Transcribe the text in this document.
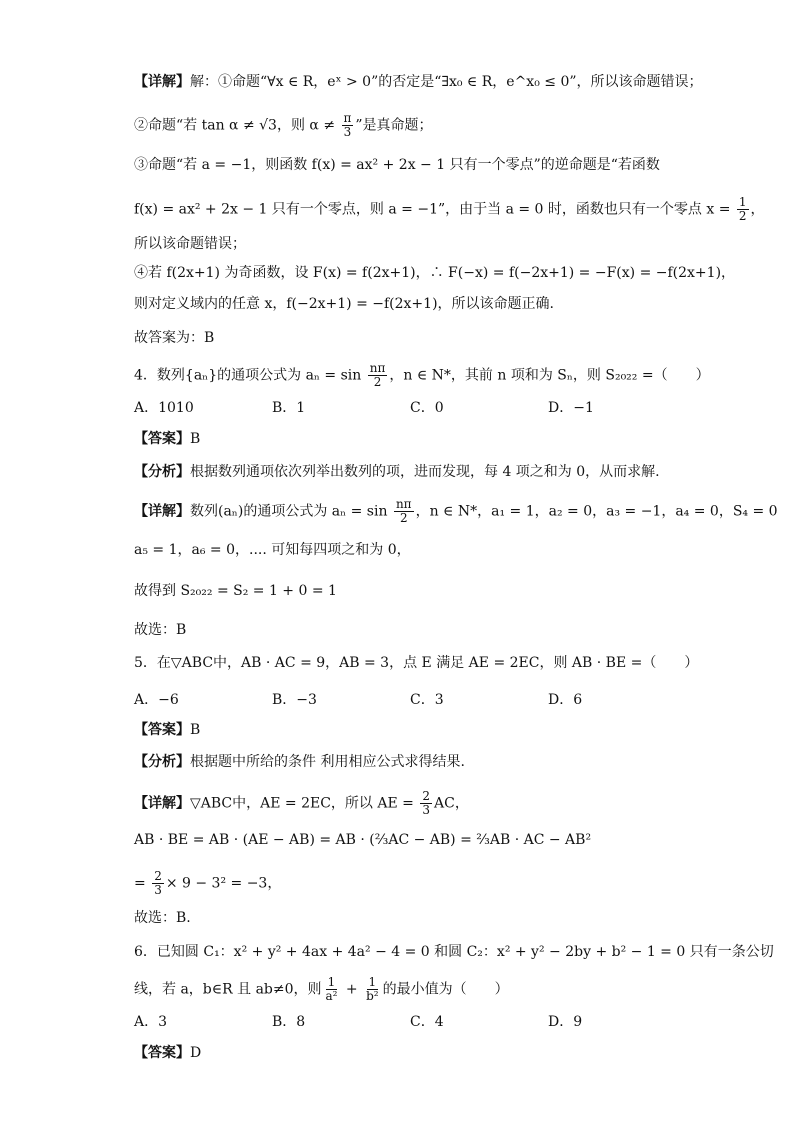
【详解】解：①命题“∀x ∈ R，eˣ > 0”的否定是“∃x₀ ∈ R，e^x₀ ≤ 0”，所以该命题错误；
②命题“若 tan α ≠ √3，则 $\alpha \ne \frac{\pi}{3}$ ”是真命题；
③命题“若 a = −1，则函数 f(x) = ax² + 2x − 1 只有一个零点”的逆命题是“若函数
f(x) = ax² + 2x − 1 只有一个零点，则 a = −1”，由于当 a = 0 时，函数也只有一个零点 $x = \frac{1}{2}$ ，
所以该命题错误；
④若 f(2x+1) 为奇函数，设 F(x) = f(2x+1)，∴ F(−x) = f(−2x+1) = −F(x) = −f(2x+1)，
则对定义域内的任意 x，f(−2x+1) = −f(2x+1)，所以该命题正确.
故答案为：B
4．数列{aₙ}的通项公式为 $a_n = \sin \frac{n\pi}{2}$ ，n ∈ N*，其前 n 项和为 Sₙ，则 S₂₀₂₂ =（　　）
A．1010	B．1	C．0	D．−1
【答案】B
【分析】根据数列通项依次列举出数列的项，进而发现，每 4 项之和为 0，从而求解.
【详解】数列(aₙ)的通项公式为 $a_n = \sin \frac{n\pi}{2}$ ，n ∈ N*，a₁ = 1，a₂ = 0，a₃ = −1，a₄ = 0，S₄ = 0
a₅ = 1，a₆ = 0，.... 可知每四项之和为 0，
故得到 S₂₀₂₂ = S₂ = 1 + 0 = 1
故选：B
5．在▽ABC中，AB · AC = 9，AB = 3，点 E 满足 AE = 2EC，则 AB · BE =（　　）
A．−6	B．−3	C．3	D．6
【答案】B
【分析】根据题中所给的条件 利用相应公式求得结果.
【详解】▽ABC中，AE = 2EC，所以 AE = $\frac{2}{3}$ AC，
AB · BE = AB · (AE − AB) = AB · (⅔AC − AB) = ⅔AB · AC − AB²
= $\frac{2}{3} \times 9 - 3^2 = -3$，
故选：B.
6．已知圆 C₁：x² + y² + 4ax + 4a² − 4 = 0 和圆 C₂：x² + y² − 2by + b² − 1 = 0 只有一条公切
线，若 a，b∈R 且 ab≠0，则 $\frac{1}{\text{a²}} + \frac{1}{\text{b²}}$ 的最小值为（　　）
A．3	B．8	C．4	D．9
【答案】D
